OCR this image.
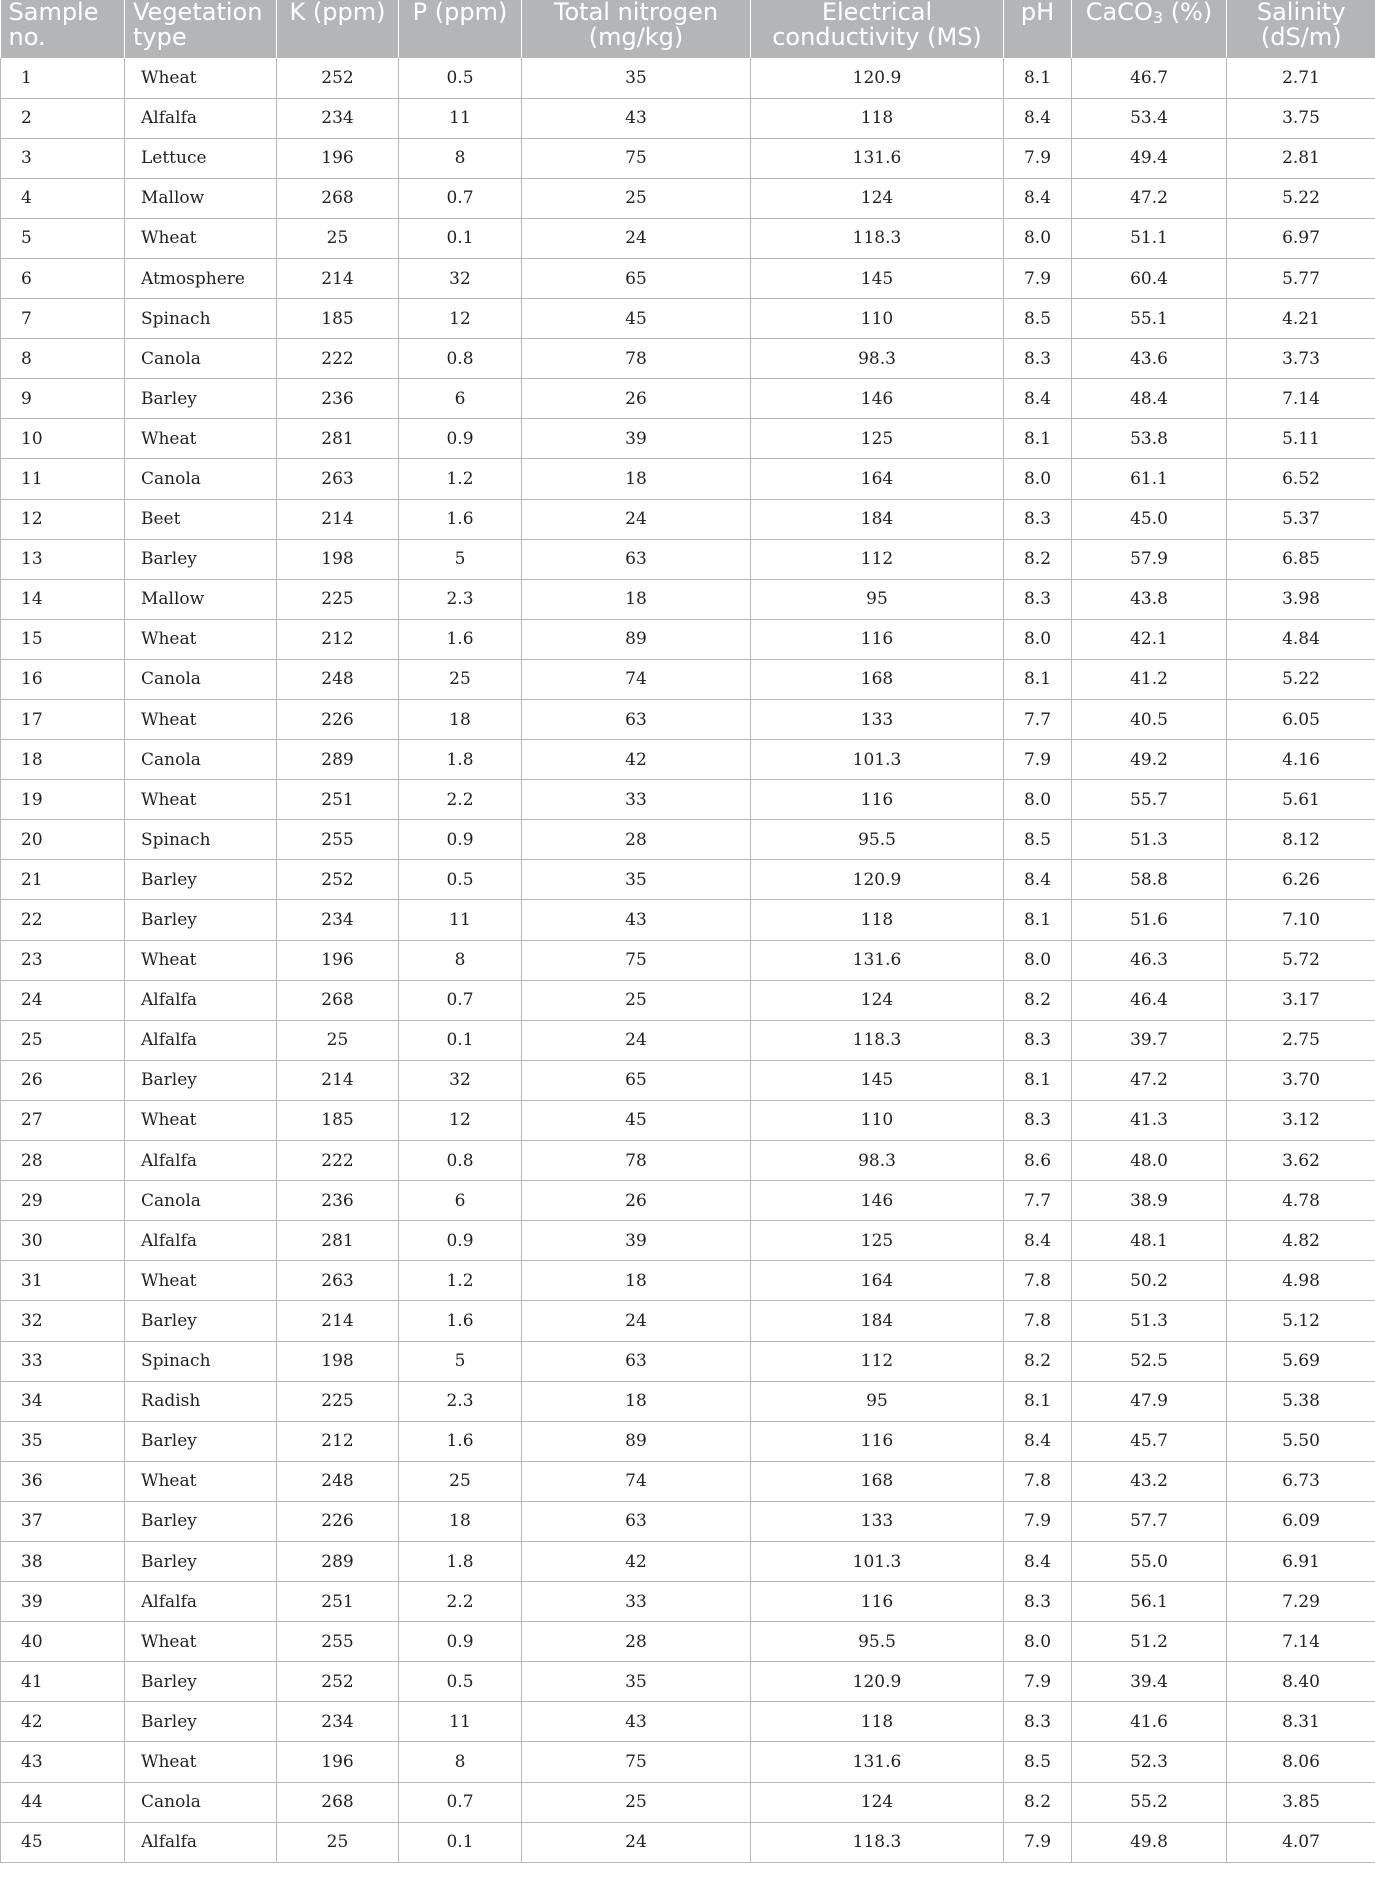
Sample no.	Vegetation type	K (ppm)	P (ppm)	Total nitrogen (mg/kg)	Electrical conductivity (MS)	pH	CaCO$_3$ (%)	Salinity (dS/m)
1	Wheat	252	0.5	35	120.9	8.1	46.7	2.71
2	Alfalfa	234	11	43	118	8.4	53.4	3.75
3	Lettuce	196	8	75	131.6	7.9	49.4	2.81
4	Mallow	268	0.7	25	124	8.4	47.2	5.22
5	Wheat	25	0.1	24	118.3	8.0	51.1	6.97
6	Atmosphere	214	32	65	145	7.9	60.4	5.77
7	Spinach	185	12	45	110	8.5	55.1	4.21
8	Canola	222	0.8	78	98.3	8.3	43.6	3.73
9	Barley	236	6	26	146	8.4	48.4	7.14
10	Wheat	281	0.9	39	125	8.1	53.8	5.11
11	Canola	263	1.2	18	164	8.0	61.1	6.52
12	Beet	214	1.6	24	184	8.3	45.0	5.37
13	Barley	198	5	63	112	8.2	57.9	6.85
14	Mallow	225	2.3	18	95	8.3	43.8	3.98
15	Wheat	212	1.6	89	116	8.0	42.1	4.84
16	Canola	248	25	74	168	8.1	41.2	5.22
17	Wheat	226	18	63	133	7.7	40.5	6.05
18	Canola	289	1.8	42	101.3	7.9	49.2	4.16
19	Wheat	251	2.2	33	116	8.0	55.7	5.61
20	Spinach	255	0.9	28	95.5	8.5	51.3	8.12
21	Barley	252	0.5	35	120.9	8.4	58.8	6.26
22	Barley	234	11	43	118	8.1	51.6	7.10
23	Wheat	196	8	75	131.6	8.0	46.3	5.72
24	Alfalfa	268	0.7	25	124	8.2	46.4	3.17
25	Alfalfa	25	0.1	24	118.3	8.3	39.7	2.75
26	Barley	214	32	65	145	8.1	47.2	3.70
27	Wheat	185	12	45	110	8.3	41.3	3.12
28	Alfalfa	222	0.8	78	98.3	8.6	48.0	3.62
29	Canola	236	6	26	146	7.7	38.9	4.78
30	Alfalfa	281	0.9	39	125	8.4	48.1	4.82
31	Wheat	263	1.2	18	164	7.8	50.2	4.98
32	Barley	214	1.6	24	184	7.8	51.3	5.12
33	Spinach	198	5	63	112	8.2	52.5	5.69
34	Radish	225	2.3	18	95	8.1	47.9	5.38
35	Barley	212	1.6	89	116	8.4	45.7	5.50
36	Wheat	248	25	74	168	7.8	43.2	6.73
37	Barley	226	18	63	133	7.9	57.7	6.09
38	Barley	289	1.8	42	101.3	8.4	55.0	6.91
39	Alfalfa	251	2.2	33	116	8.3	56.1	7.29
40	Wheat	255	0.9	28	95.5	8.0	51.2	7.14
41	Barley	252	0.5	35	120.9	7.9	39.4	8.40
42	Barley	234	11	43	118	8.3	41.6	8.31
43	Wheat	196	8	75	131.6	8.5	52.3	8.06
44	Canola	268	0.7	25	124	8.2	55.2	3.85
45	Alfalfa	25	0.1	24	118.3	7.9	49.8	4.07
